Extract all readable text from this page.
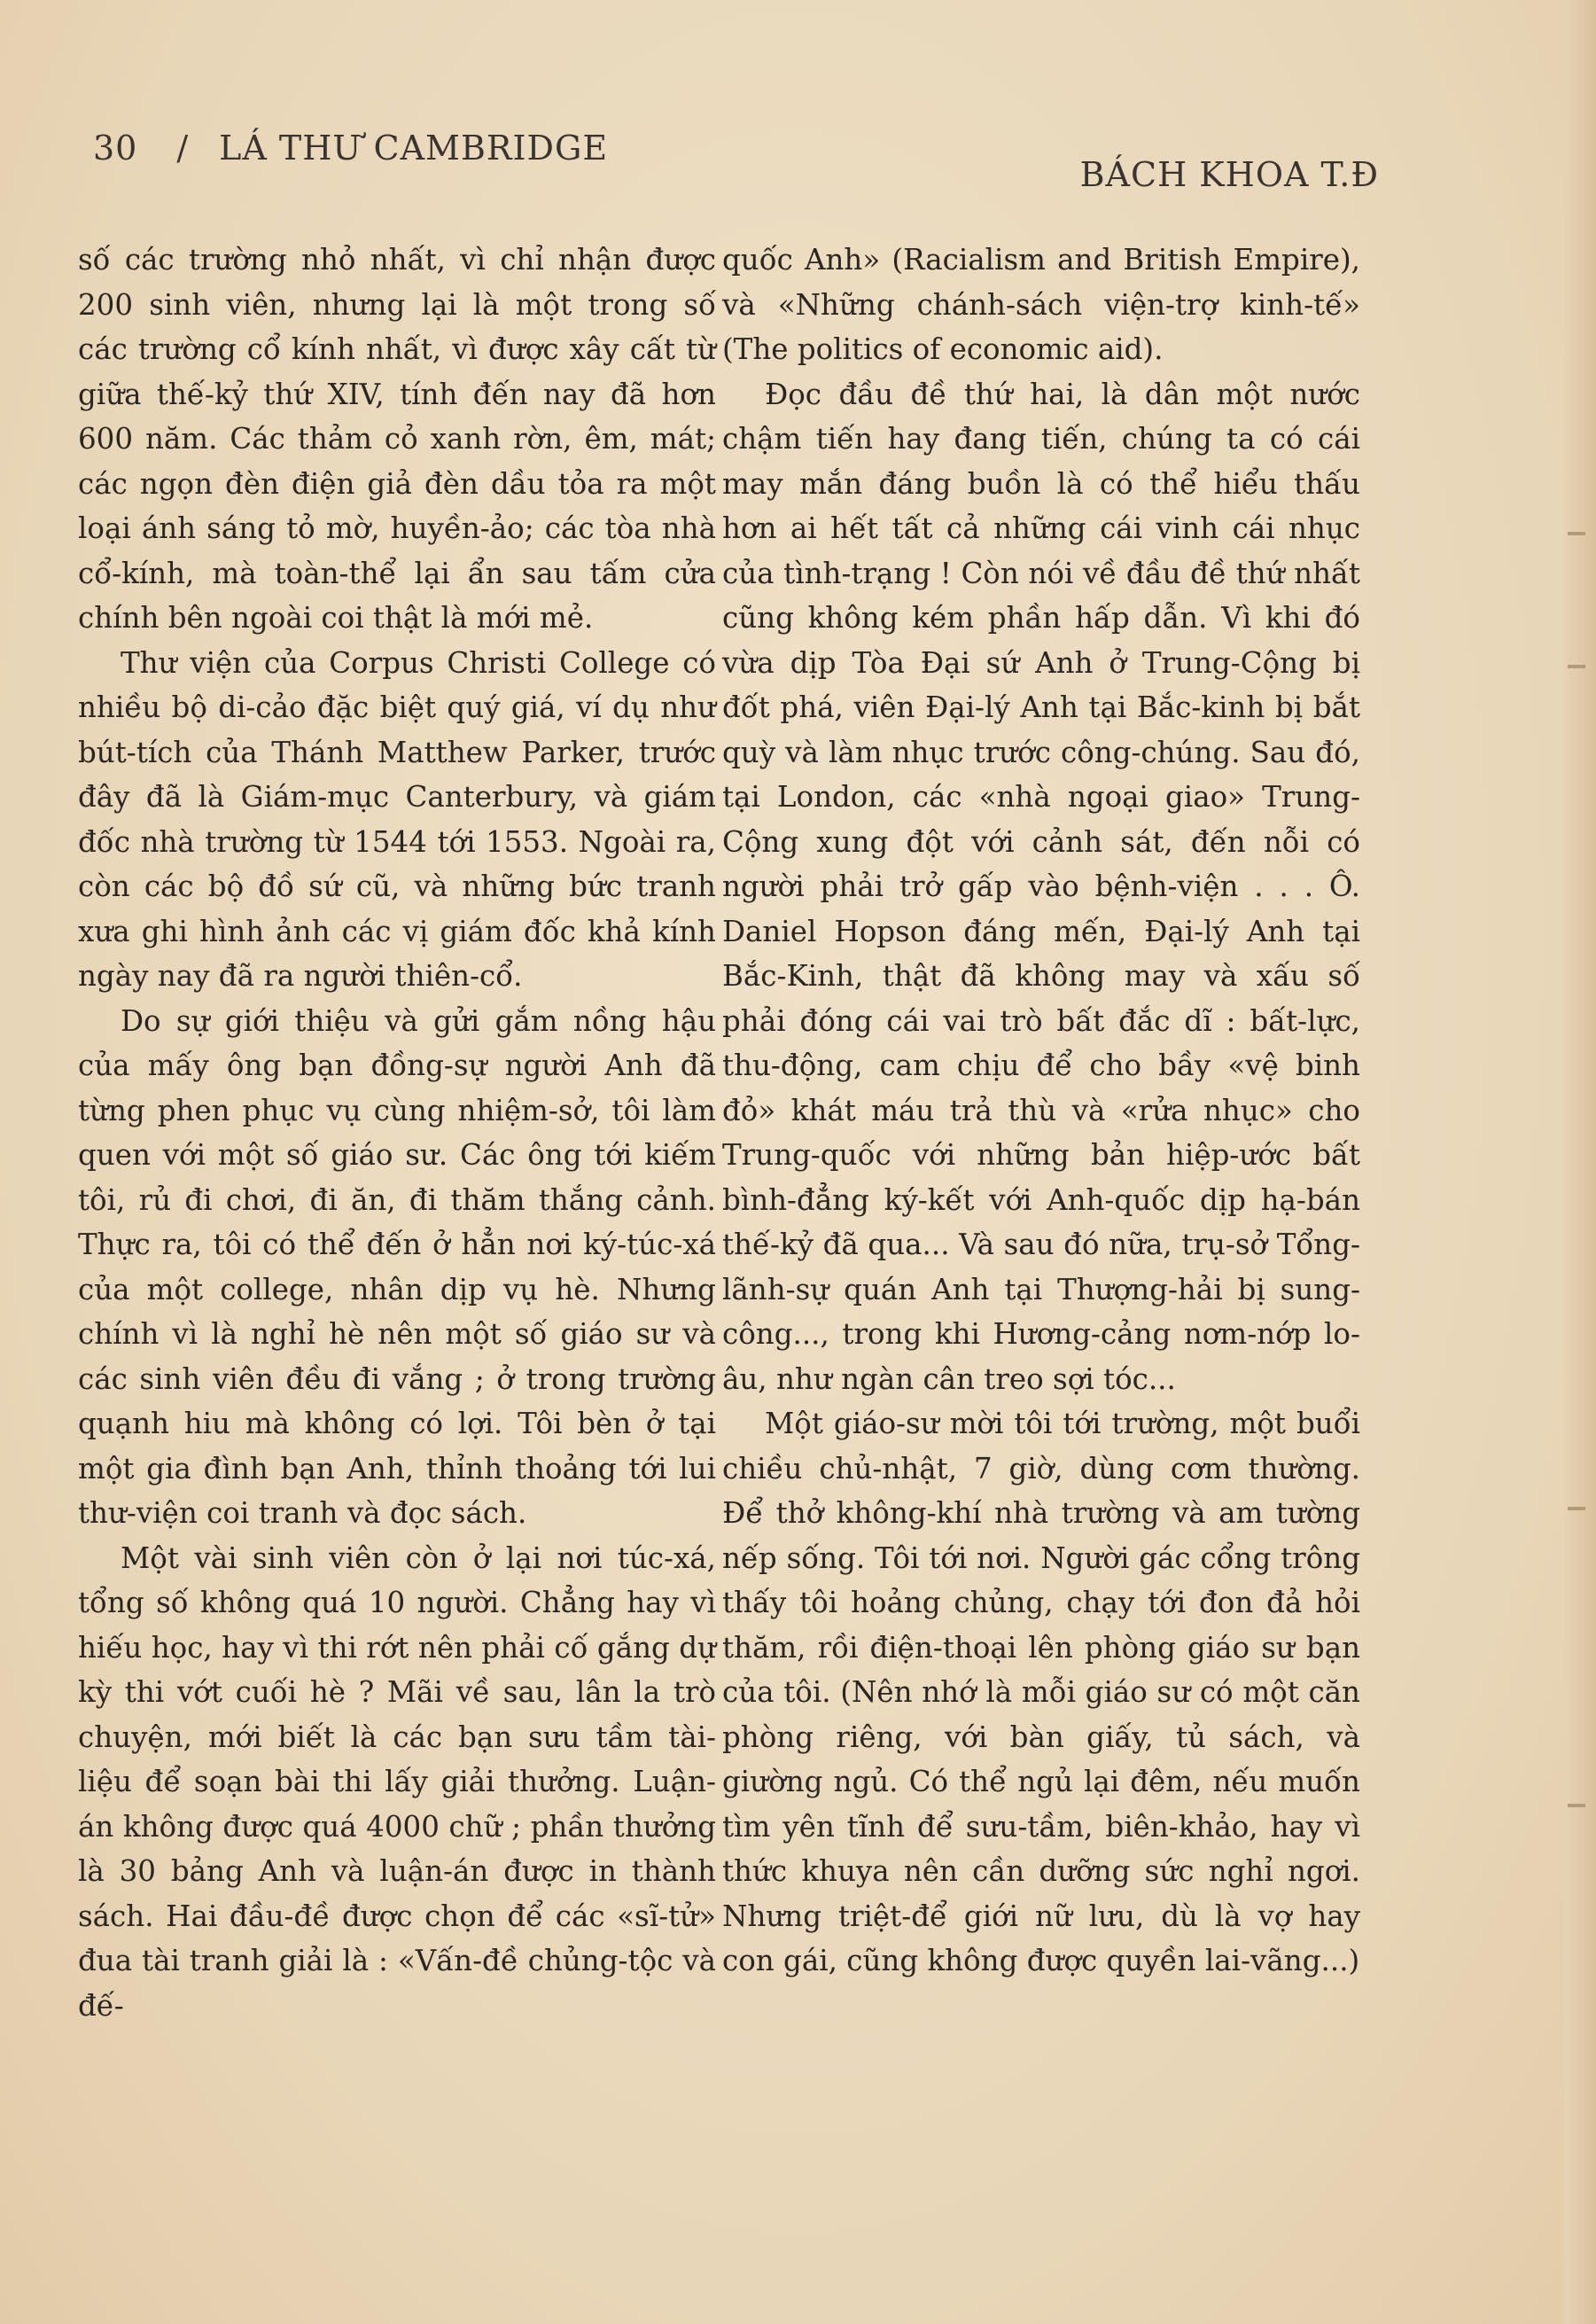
30 / LÁ THƯ CAMBRIDGE
BÁCH KHOA T.Đ

số các trường nhỏ nhất, vì chỉ nhận được 200 sinh viên, nhưng lại là một trong số các trường cổ kính nhất, vì được xây cất từ giữa thế-kỷ thứ XIV, tính đến nay đã hơn 600 năm. Các thảm cỏ xanh rờn, êm, mát; các ngọn đèn điện giả đèn dầu tỏa ra một loại ánh sáng tỏ mờ, huyền-ảo; các tòa nhà cổ-kính, mà toàn-thể lại ẩn sau tấm cửa chính bên ngoài coi thật là mới mẻ.

Thư viện của Corpus Christi College có nhiều bộ di-cảo đặc biệt quý giá, ví dụ như bút-tích của Thánh Matthew Parker, trước đây đã là Giám-mục Canterbury, và giám đốc nhà trường từ 1544 tới 1553. Ngoài ra, còn các bộ đồ sứ cũ, và những bức tranh xưa ghi hình ảnh các vị giám đốc khả kính ngày nay đã ra người thiên-cổ.

Do sự giới thiệu và gửi gắm nồng hậu của mấy ông bạn đồng-sự người Anh đã từng phen phục vụ cùng nhiệm-sở, tôi làm quen với một số giáo sư. Các ông tới kiếm tôi, rủ đi chơi, đi ăn, đi thăm thắng cảnh. Thực ra, tôi có thể đến ở hẳn nơi ký-túc-xá của một college, nhân dịp vụ hè. Nhưng chính vì là nghỉ hè nên một số giáo sư và các sinh viên đều đi vắng ; ở trong trường quạnh hiu mà không có lợi. Tôi bèn ở tại một gia đình bạn Anh, thỉnh thoảng tới lui thư-viện coi tranh và đọc sách.

Một vài sinh viên còn ở lại nơi túc-xá, tổng số không quá 10 người. Chẳng hay vì hiếu học, hay vì thi rớt nên phải cố gắng dự kỳ thi vớt cuối hè ? Mãi về sau, lân la trò chuyện, mới biết là các bạn sưu tầm tài-liệu để soạn bài thi lấy giải thưởng. Luận-án không được quá 4000 chữ ; phần thưởng là 30 bảng Anh và luận-án được in thành sách. Hai đầu-đề được chọn để các «sĩ-tử» đua tài tranh giải là : «Vấn-đề chủng-tộc và đế-

quốc Anh» (Racialism and British Empire), và «Những chánh-sách viện-trợ kinh-tế» (The politics of economic aid).

Đọc đầu đề thứ hai, là dân một nước chậm tiến hay đang tiến, chúng ta có cái may mắn đáng buồn là có thể hiểu thấu hơn ai hết tất cả những cái vinh cái nhục của tình-trạng ! Còn nói về đầu đề thứ nhất cũng không kém phần hấp dẫn. Vì khi đó vừa dịp Tòa Đại sứ Anh ở Trung-Cộng bị đốt phá, viên Đại-lý Anh tại Bắc-kinh bị bắt quỳ và làm nhục trước công-chúng. Sau đó, tại London, các «nhà ngoại giao» Trung-Cộng xung đột với cảnh sát, đến nỗi có người phải trở gấp vào bệnh-viện . . . Ô. Daniel Hopson đáng mến, Đại-lý Anh tại Bắc-Kinh, thật đã không may và xấu số phải đóng cái vai trò bất đắc dĩ : bất-lực, thu-động, cam chịu để cho bầy «vệ binh đỏ» khát máu trả thù và «rửa nhục» cho Trung-quốc với những bản hiệp-ước bất bình-đẳng ký-kết với Anh-quốc dịp hạ-bán thế-kỷ đã qua... Và sau đó nữa, trụ-sở Tổng-lãnh-sự quán Anh tại Thượng-hải bị sung-công..., trong khi Hương-cảng nơm-nớp lo-âu, như ngàn cân treo sợi tóc...

Một giáo-sư mời tôi tới trường, một buổi chiều chủ-nhật, 7 giờ, dùng cơm thường. Để thở không-khí nhà trường và am tường nếp sống. Tôi tới nơi. Người gác cổng trông thấy tôi hoảng chủng, chạy tới đon đả hỏi thăm, rồi điện-thoại lên phòng giáo sư bạn của tôi. (Nên nhớ là mỗi giáo sư có một căn phòng riêng, với bàn giấy, tủ sách, và giường ngủ. Có thể ngủ lại đêm, nếu muốn tìm yên tĩnh để sưu-tầm, biên-khảo, hay vì thức khuya nên cần dưỡng sức nghỉ ngơi. Nhưng triệt-để giới nữ lưu, dù là vợ hay con gái, cũng không được quyền lai-vãng...)
